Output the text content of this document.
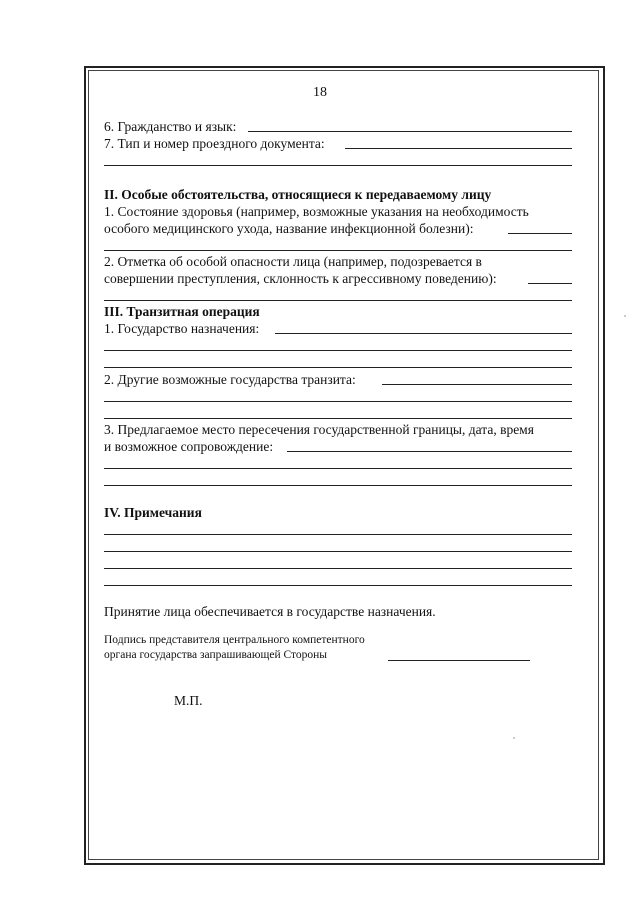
18
6. Гражданство и язык:
7. Тип и номер проездного документа:
II. Особые обстоятельства, относящиеся к передаваемому лицу
1. Состояние здоровья (например, возможные указания на необходимость
особого медицинского ухода, название инфекционной болезни):
2. Отметка об особой опасности лица (например, подозревается в
совершении преступления, склонность к агрессивному поведению):
III. Транзитная операция
1. Государство назначения:
2. Другие возможные государства транзита:
3. Предлагаемое место пересечения государственной границы, дата, время
и возможное сопровождение:
IV. Примечания
Принятие лица обеспечивается в государстве назначения.
Подпись представителя центрального компетентного
органа государства запрашивающей Стороны
М.П.
